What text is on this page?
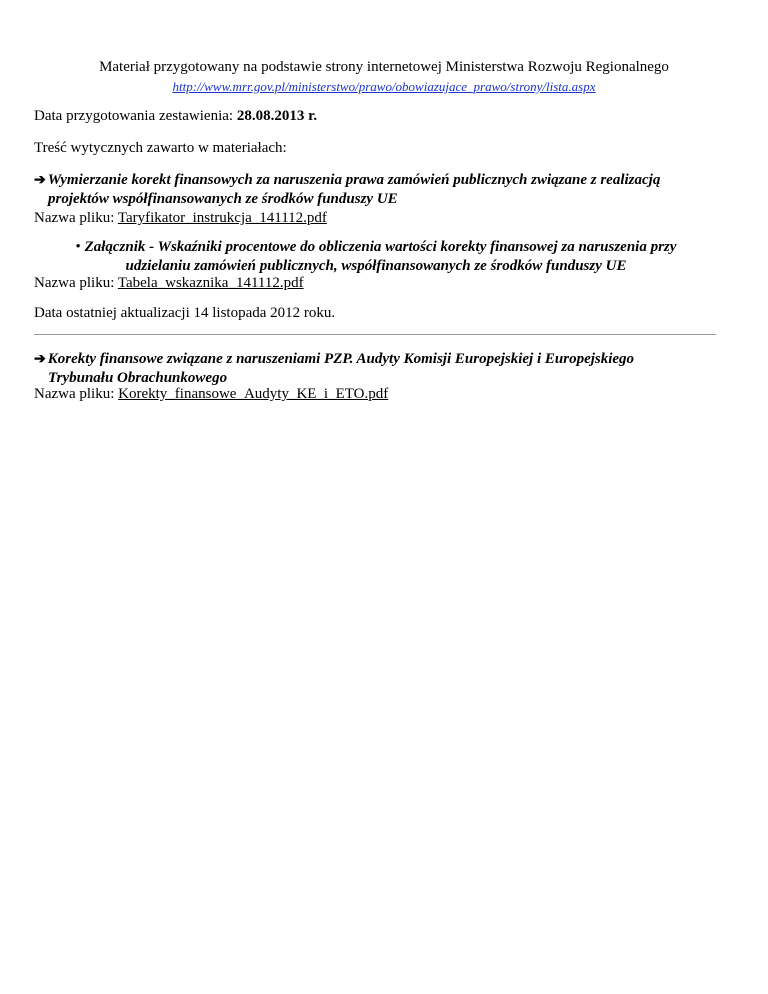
Materiał przygotowany na podstawie strony internetowej Ministerstwa Rozwoju Regionalnego
http://www.mrr.gov.pl/ministerstwo/prawo/obowiazujace_prawo/strony/lista.aspx
Data przygotowania zestawienia: 28.08.2013 r.
Treść wytycznych zawarto w materiałach:
➔ Wymierzanie korekt finansowych za naruszenia prawa zamówień publicznych związane z realizacją
projektów współfinansowanych ze środków funduszy UE
Nazwa pliku: Taryfikator_instrukcja_141112.pdf
• Załącznik - Wskaźniki procentowe do obliczenia wartości korekty finansowej za naruszenia przy
udzielaniu zamówień publicznych, współfinansowanych ze środków funduszy UE
Nazwa pliku: Tabela_wskaznika_141112.pdf
Data ostatniej aktualizacji 14 listopada 2012 roku.
➔ Korekty finansowe związane z naruszeniami PZP. Audyty Komisji Europejskiej i Europejskiego
Trybunału Obrachunkowego
Nazwa pliku: Korekty_finansowe_Audyty_KE_i_ETO.pdf
